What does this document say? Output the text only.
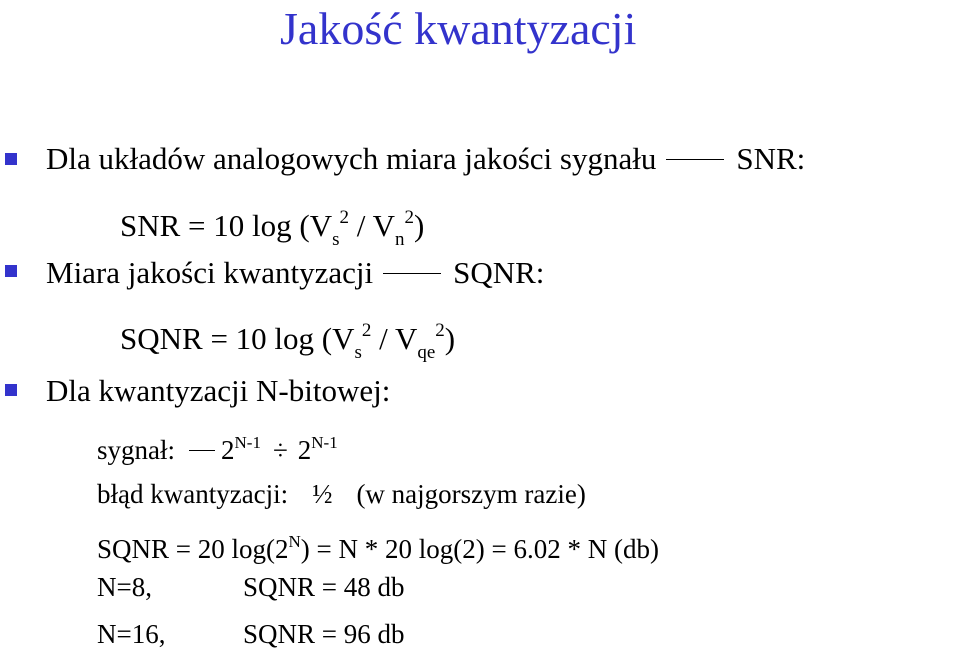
Jakość kwantyzacji
Dla układów analogowych miara jakości sygnału	SNR:
SNR = 10 $\log (V_s^2 / V_n^2)$
Miara jakości kwantyzacji	SQNR:
SQNR = 10 $\log (V_s^2 / V_{qe}^2)$
Dla kwantyzacji N-bitowej:
sygnał: $2^{N-1} \div 2^{N-1}$
błąd kwantyzacji: ½ (w najgorszym razie)
SQNR = 20 $\log(2^N) = N * 20$ log(2) = 6.02 * N (db)
N=8,	SQNR = 48 db
N=16,	SQNR = 96 db
